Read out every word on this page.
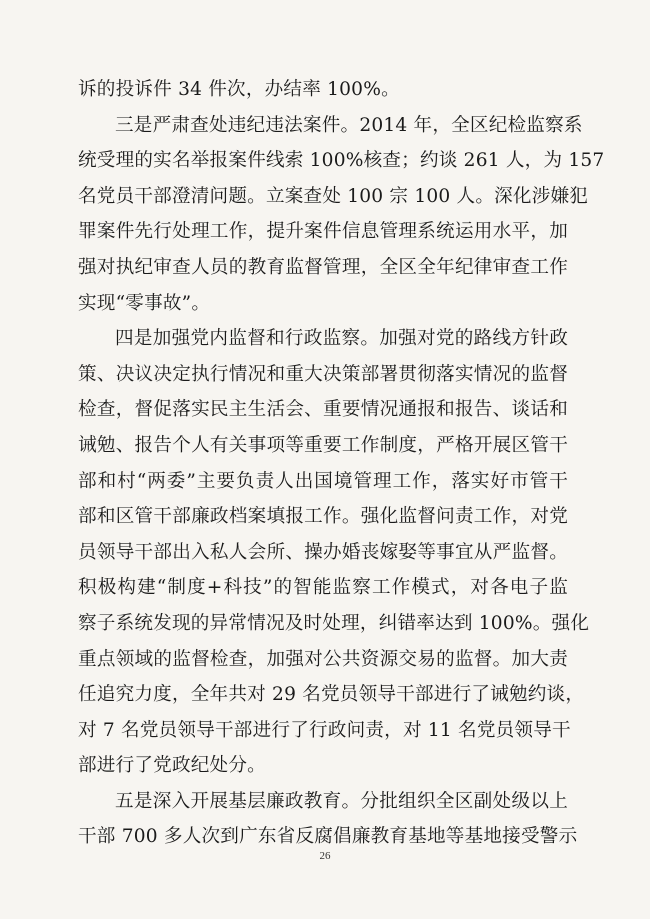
诉的投诉件 34 件次，办结率 100%。
三是严肃查处违纪违法案件。2014 年，全区纪检监察系
统受理的实名举报案件线索 100%核查；约谈 261 人，为 157
名党员干部澄清问题。立案查处 100 宗 100 人。深化涉嫌犯
罪案件先行处理工作，提升案件信息管理系统运用水平，加
强对执纪审查人员的教育监督管理，全区全年纪律审查工作
实现“零事故”。
四是加强党内监督和行政监察。加强对党的路线方针政
策、决议决定执行情况和重大决策部署贯彻落实情况的监督
检查，督促落实民主生活会、重要情况通报和报告、谈话和
诫勉、报告个人有关事项等重要工作制度，严格开展区管干
部和村“两委”主要负责人出国境管理工作，落实好市管干
部和区管干部廉政档案填报工作。强化监督问责工作，对党
员领导干部出入私人会所、操办婚丧嫁娶等事宜从严监督。
积极构建“制度+科技”的智能监察工作模式，对各电子监
察子系统发现的异常情况及时处理，纠错率达到 100%。强化
重点领域的监督检查，加强对公共资源交易的监督。加大责
任追究力度，全年共对 29 名党员领导干部进行了诫勉约谈，
对 7 名党员领导干部进行了行政问责，对 11 名党员领导干
部进行了党政纪处分。
五是深入开展基层廉政教育。分批组织全区副处级以上
干部 700 多人次到广东省反腐倡廉教育基地等基地接受警示
26
